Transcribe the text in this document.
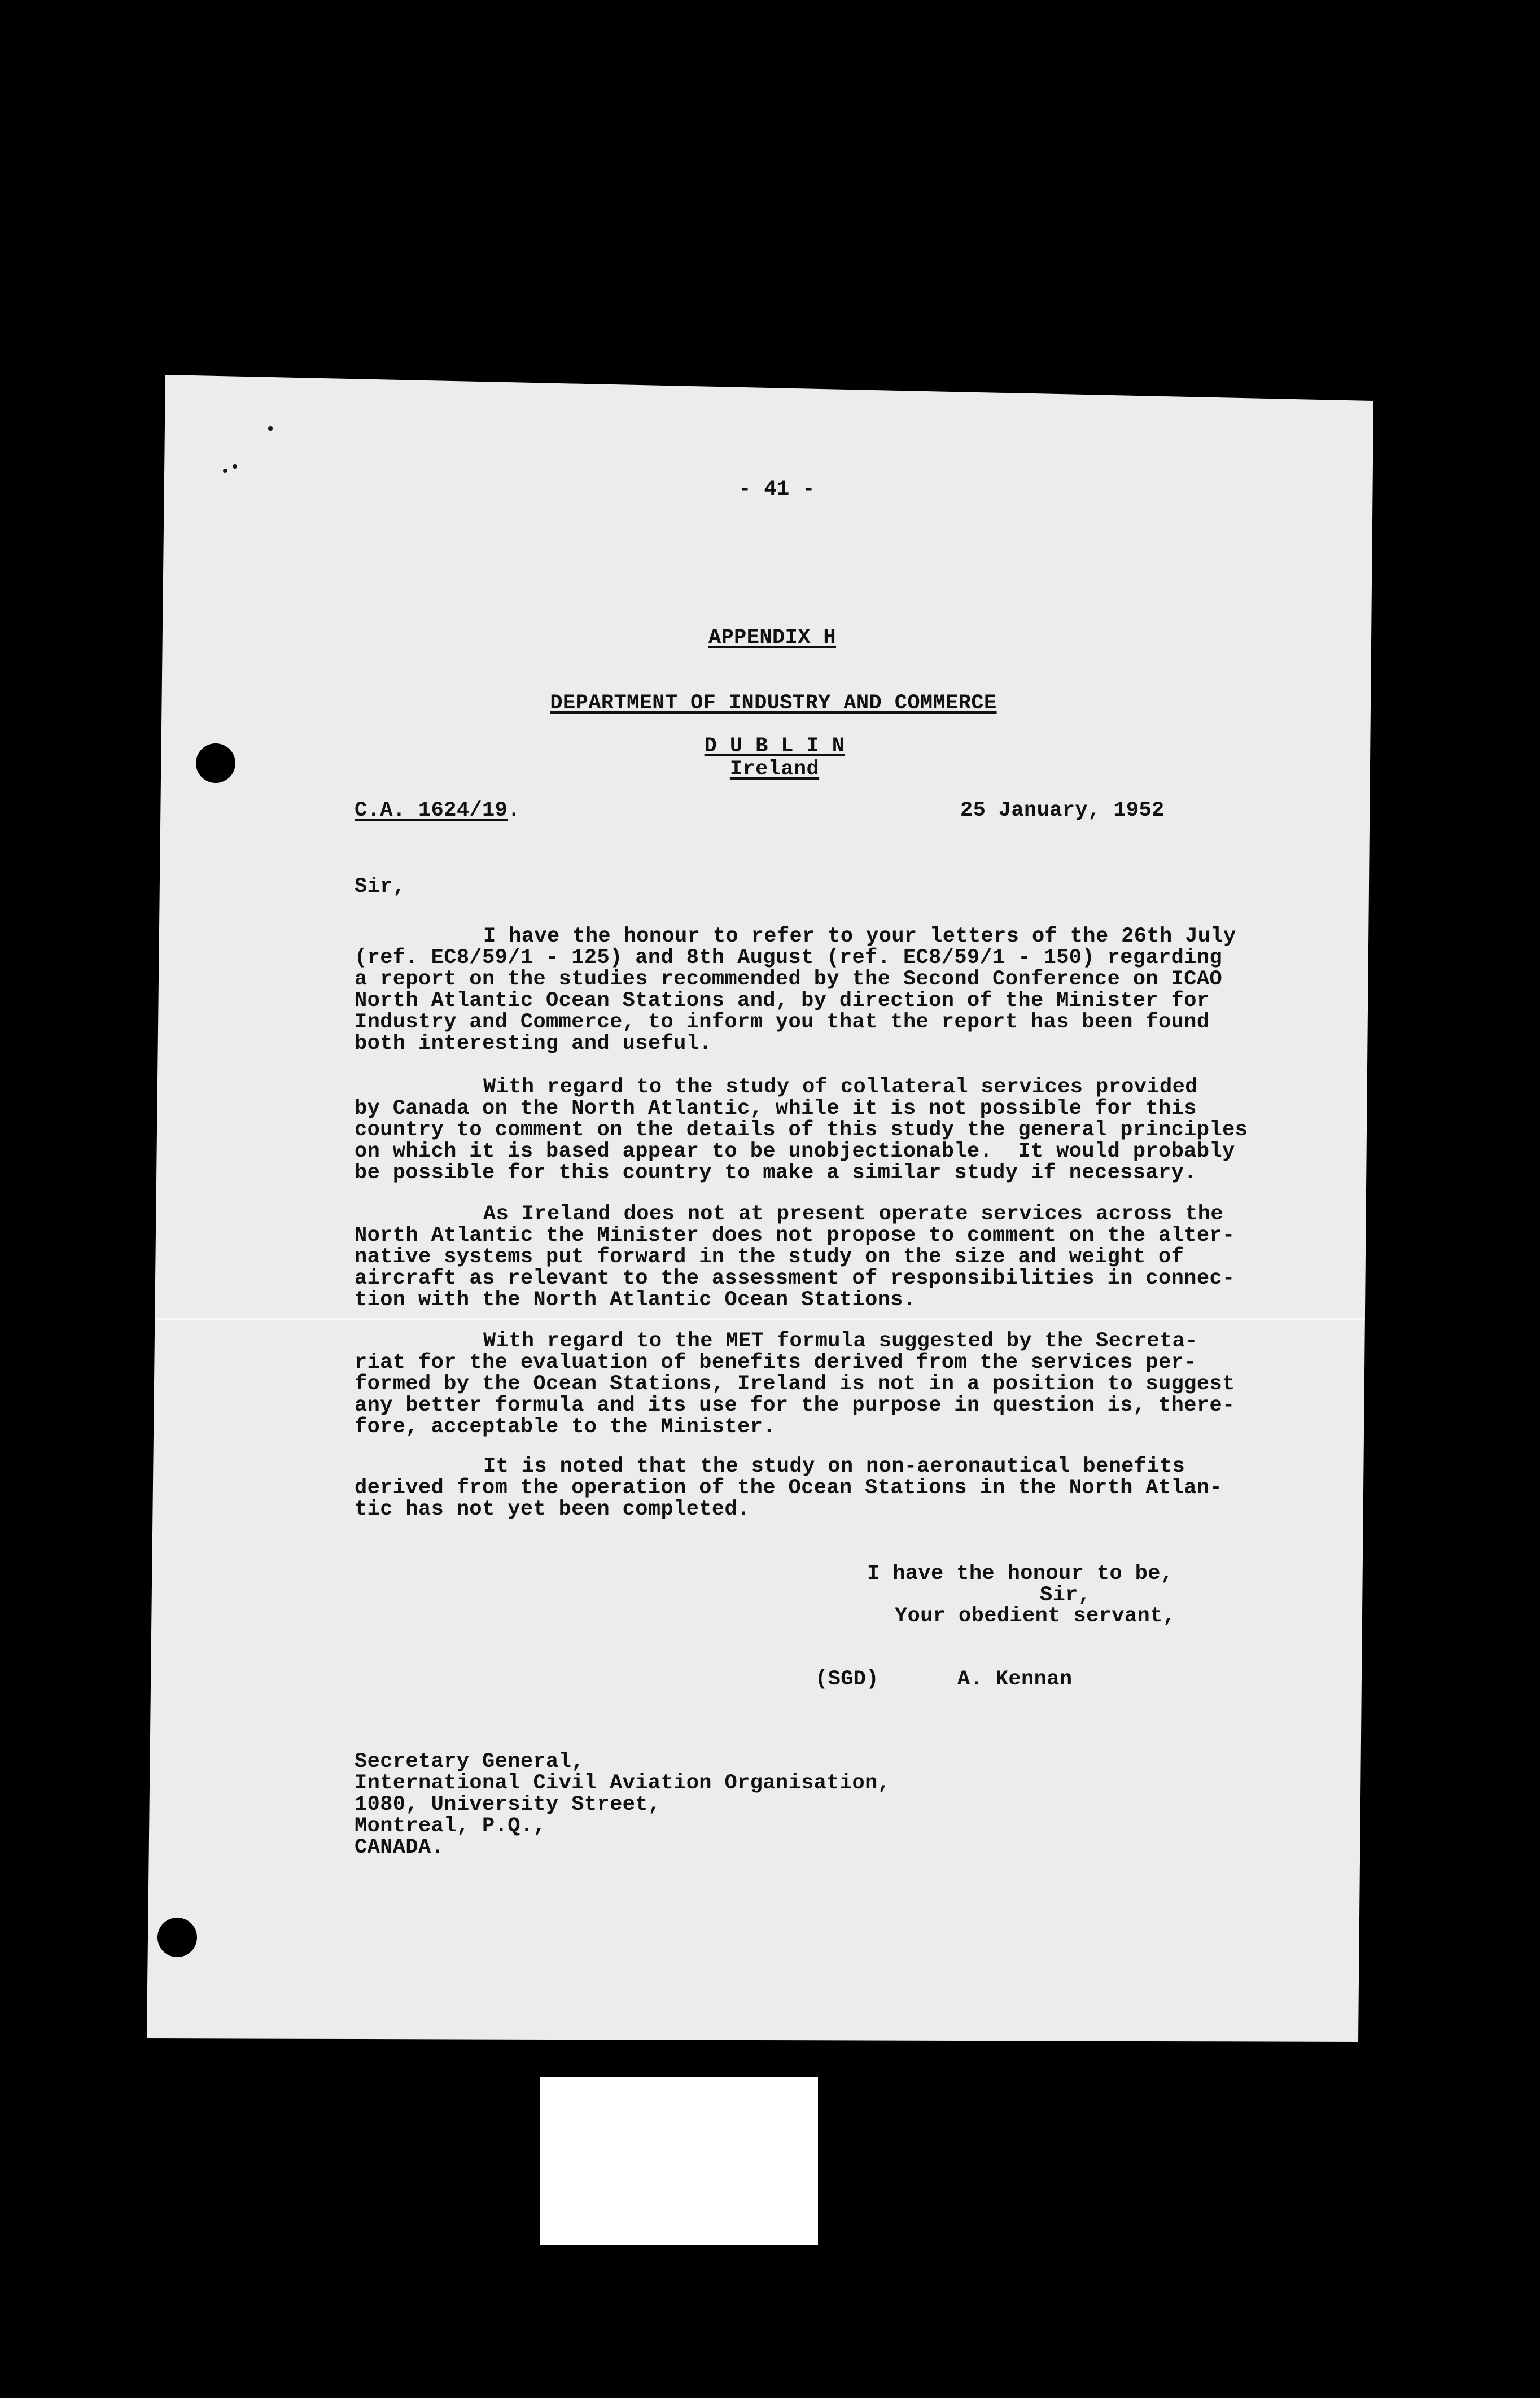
- 41 -
APPENDIX H
DEPARTMENT OF INDUSTRY AND COMMERCE
D U B L I N
Ireland
C.A. 1624/19.	25 January, 1952
Sir,
I have the honour to refer to your letters of the 26th July
(ref. EC8/59/1 - 125) and 8th August (ref. EC8/59/1 - 150) regarding
a report on the studies recommended by the Second Conference on ICAO
North Atlantic Ocean Stations and, by direction of the Minister for
Industry and Commerce, to inform you that the report has been found
both interesting and useful.
With regard to the study of collateral services provided
by Canada on the North Atlantic, while it is not possible for this
country to comment on the details of this study the general principles
on which it is based appear to be unobjectionable.  It would probably
be possible for this country to make a similar study if necessary.
As Ireland does not at present operate services across the
North Atlantic the Minister does not propose to comment on the alter-
native systems put forward in the study on the size and weight of
aircraft as relevant to the assessment of responsibilities in connec-
tion with the North Atlantic Ocean Stations.
With regard to the MET formula suggested by the Secreta-
riat for the evaluation of benefits derived from the services per-
formed by the Ocean Stations, Ireland is not in a position to suggest
any better formula and its use for the purpose in question is, there-
fore, acceptable to the Minister.
It is noted that the study on non-aeronautical benefits
derived from the operation of the Ocean Stations in the North Atlan-
tic has not yet been completed.
I have the honour to be,
Sir,
Your obedient servant,
(SGD)	A. Kennan
Secretary General,
International Civil Aviation Organisation,
1080, University Street,
Montreal, P.Q.,
CANADA.
